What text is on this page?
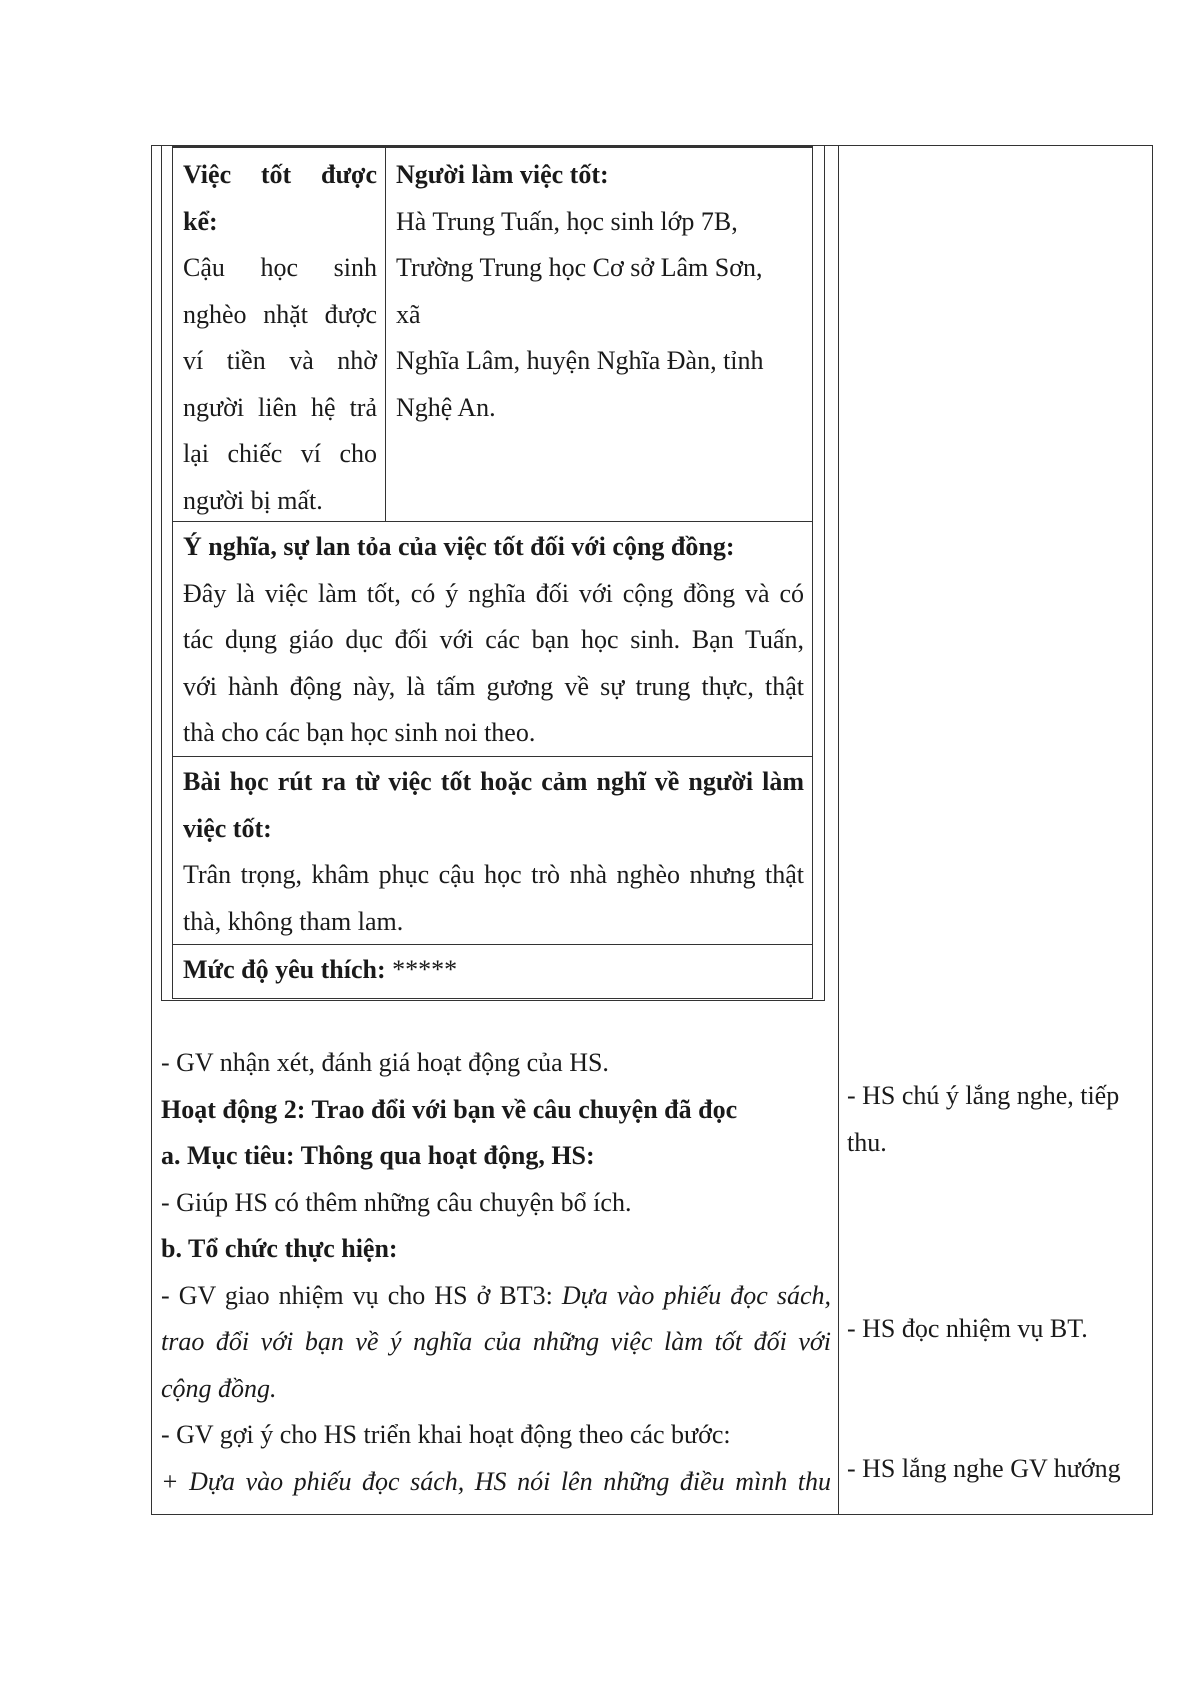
Việc tốt được
kể:
Cậu học sinh
nghèo nhặt được
ví tiền và nhờ
người liên hệ trả
lại chiếc ví cho
người bị mất.
Người làm việc tốt:
Hà Trung Tuấn, học sinh lớp 7B,
Trường Trung học Cơ sở Lâm Sơn,
xã
Nghĩa Lâm, huyện Nghĩa Đàn, tỉnh
Nghệ An.
Ý nghĩa, sự lan tỏa của việc tốt đối với cộng đồng:
Đây là việc làm tốt, có ý nghĩa đối với cộng đồng và có
tác dụng giáo dục đối với các bạn học sinh. Bạn Tuấn,
với hành động này, là tấm gương về sự trung thực, thật
thà cho các bạn học sinh noi theo.
Bài học rút ra từ việc tốt hoặc cảm nghĩ về người làm
việc tốt:
Trân trọng, khâm phục cậu học trò nhà nghèo nhưng thật
thà, không tham lam.
Mức độ yêu thích: *****
- GV nhận xét, đánh giá hoạt động của HS.
Hoạt động 2: Trao đổi với bạn về câu chuyện đã đọc
a. Mục tiêu: Thông qua hoạt động, HS:
- Giúp HS có thêm những câu chuyện bổ ích.
b. Tổ chức thực hiện:
- GV giao nhiệm vụ cho HS ở BT3: Dựa vào phiếu đọc sách,
trao đổi với bạn về ý nghĩa của những việc làm tốt đối với
cộng đồng.
- GV gợi ý cho HS triển khai hoạt động theo các bước:
+ Dựa vào phiếu đọc sách, HS nói lên những điều mình thu
- HS chú ý lắng nghe, tiếp
thu.
- HS đọc nhiệm vụ BT.
- HS lắng nghe GV hướng
